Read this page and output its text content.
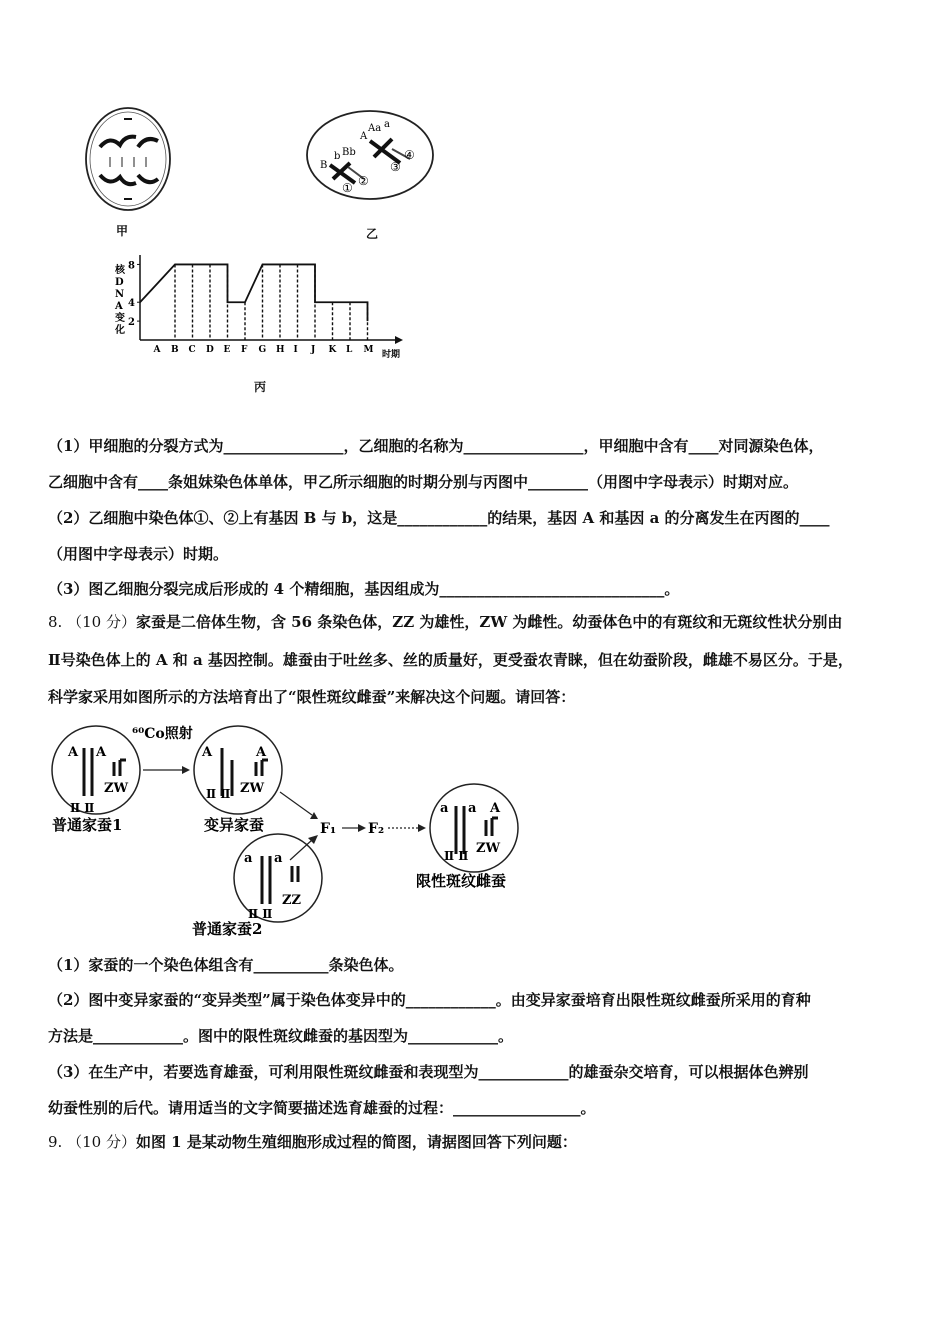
甲
B
b Bb
A
Aa a
① ②
③
④
乙
核 D N A 变化
时期
8
4
2
A B C D E F G H I J K L M
丙
（1）甲细胞的分裂方式为________________，乙细胞的名称为________________，甲细胞中含有____对同源染色体，
乙细胞中含有____条姐妹染色体单体，甲乙所示细胞的时期分别与丙图中________（用图中字母表示）时期对应。
（2）乙细胞中染色体①、②上有基因 B 与 b，这是____________的结果，基因 A 和基因 a 的分离发生在丙图的____
（用图中字母表示）时期。
（3）图乙细胞分裂完成后形成的 4 个精细胞，基因组成为______________________________。
8. （10 分）家蚕是二倍体生物，含 56 条染色体，ZZ 为雄性，ZW 为雌性。幼蚕体色中的有斑纹和无斑纹性状分别由
Ⅱ号染色体上的 A 和 a 基因控制。雄蚕由于吐丝多、丝的质量好，更受蚕农青睐，但在幼蚕阶段，雌雄不易区分。于是，
科学家采用如图所示的方法培育出了“限性斑纹雌蚕”来解决这个问题。请回答：
A A
Ⅱ Ⅱ
ZW
普通家蚕1
⁶⁰Co照射
A	A
Ⅱ Ⅱ ZW
变异家蚕
a a
Ⅱ Ⅱ
ZZ
普通家蚕2
F₁ F₂
a a A
Ⅱ Ⅱ ZW
限性斑纹雌蚕
（1）家蚕的一个染色体组含有__________条染色体。
（2）图中变异家蚕的“变异类型”属于染色体变异中的____________。由变异家蚕培育出限性斑纹雌蚕所采用的育种
方法是____________。图中的限性斑纹雌蚕的基因型为____________。
（3）在生产中，若要选育雄蚕，可利用限性斑纹雌蚕和表现型为____________的雄蚕杂交培育，可以根据体色辨别
幼蚕性别的后代。请用适当的文字简要描述选育雄蚕的过程：_________________。
9. （10 分）如图 1 是某动物生殖细胞形成过程的简图，请据图回答下列问题：
